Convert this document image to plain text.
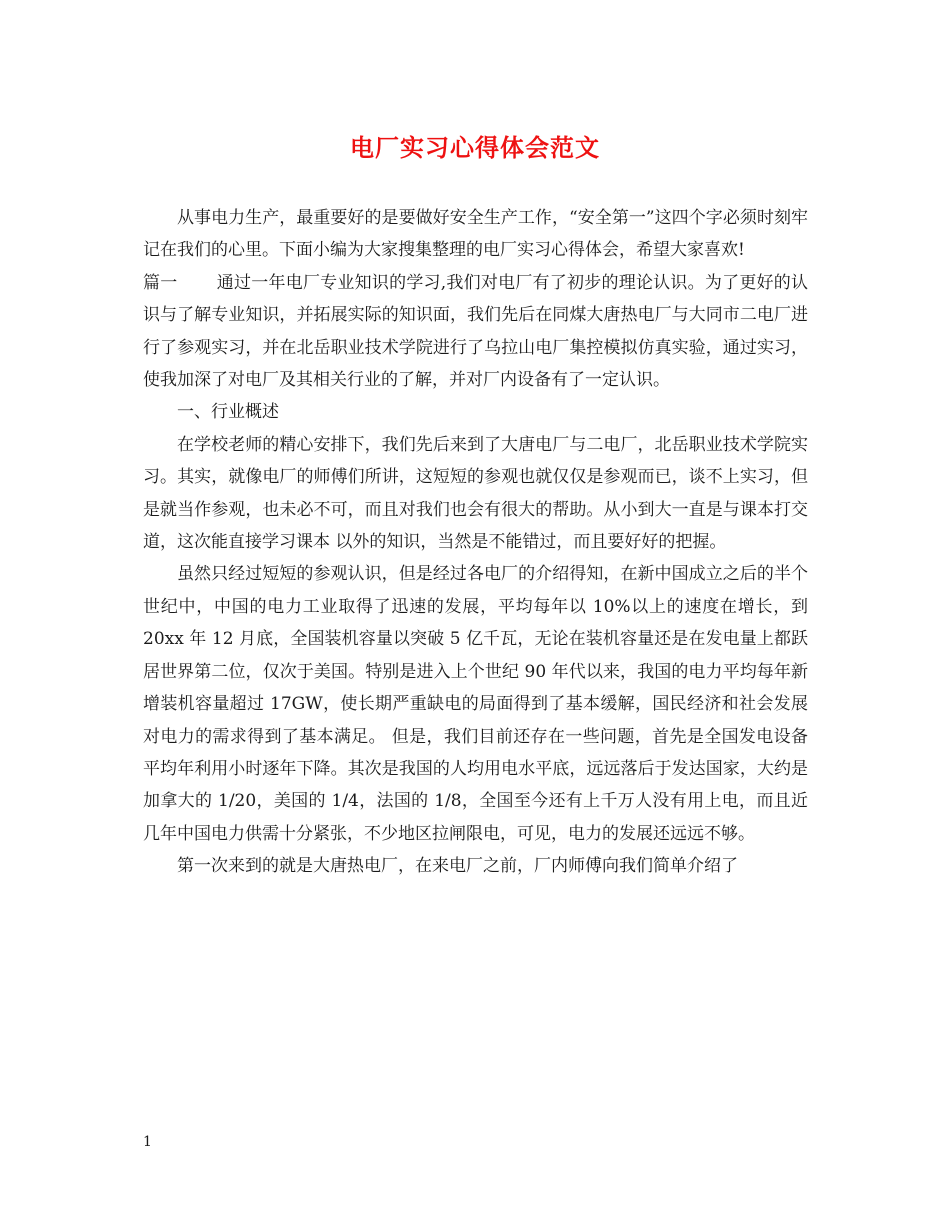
电厂实习心得体会范文

从事电力生产，最重要好的是要做好安全生产工作，“安全第一”这四个字必须时刻牢记在我们的心里。下面小编为大家搜集整理的电厂实习心得体会，希望大家喜欢!

篇一 通过一年电厂专业知识的学习,我们对电厂有了初步的理论认识。为了更好的认识与了解专业知识，并拓展实际的知识面，我们先后在同煤大唐热电厂与大同市二电厂进行了参观实习，并在北岳职业技术学院进行了乌拉山电厂集控模拟仿真实验，通过实习，使我加深了对电厂及其相关行业的了解，并对厂内设备有了一定认识。

一、行业概述

在学校老师的精心安排下，我们先后来到了大唐电厂与二电厂，北岳职业技术学院实习。其实，就像电厂的师傅们所讲，这短短的参观也就仅仅是参观而已，谈不上实习，但是就当作参观，也未必不可，而且对我们也会有很大的帮助。从小到大一直是与课本打交道，这次能直接学习课本 以外的知识，当然是不能错过，而且要好好的把握。

虽然只经过短短的参观认识，但是经过各电厂的介绍得知，在新中国成立之后的半个世纪中，中国的电力工业取得了迅速的发展，平均每年以 10%以上的速度在增长，到 20xx 年 12 月底，全国装机容量以突破 5 亿千瓦，无论在装机容量还是在发电量上都跃居世界第二位，仅次于美国。特别是进入上个世纪 90 年代以来，我国的电力平均每年新增装机容量超过 17GW，使长期严重缺电的局面得到了基本缓解，国民经济和社会发展对电力的需求得到了基本满足。 但是，我们目前还存在一些问题，首先是全国发电设备平均年利用小时逐年下降。其次是我国的人均用电水平底，远远落后于发达国家，大约是加拿大的 1/20，美国的 1/4，法国的 1/8，全国至今还有上千万人没有用上电，而且近几年中国电力供需十分紧张，不少地区拉闸限电，可见，电力的发展还远远不够。

第一次来到的就是大唐热电厂，在来电厂之前，厂内师傅向我们简单介绍了

1
